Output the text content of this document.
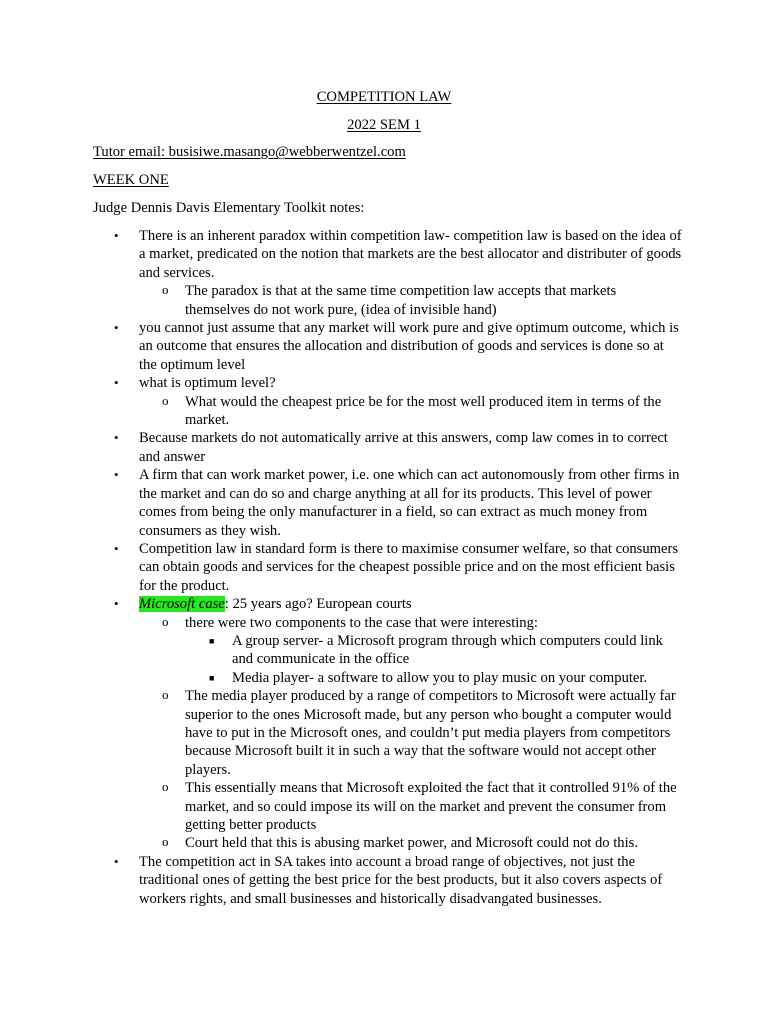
COMPETITION LAW
2022 SEM 1
Tutor email: busisiwe.masango@webberwentzel.com
WEEK ONE
Judge Dennis Davis Elementary Toolkit notes:
• There is an inherent paradox within competition law- competition law is based on the idea of a market, predicated on the notion that markets are the best allocator and distributer of goods and services.
o The paradox is that at the same time competition law accepts that markets themselves do not work pure, (idea of invisible hand)
• you cannot just assume that any market will work pure and give optimum outcome, which is an outcome that ensures the allocation and distribution of goods and services is done so at the optimum level
• what is optimum level?
o What would the cheapest price be for the most well produced item in terms of the market.
• Because markets do not automatically arrive at this answers, comp law comes in to correct and answer
• A firm that can work market power, i.e. one which can act autonomously from other firms in the market and can do so and charge anything at all for its products. This level of power comes from being the only manufacturer in a field, so can extract as much money from consumers as they wish.
• Competition law in standard form is there to maximise consumer welfare, so that consumers can obtain goods and services for the cheapest possible price and on the most efficient basis for the product.
• Microsoft case: 25 years ago? European courts
o there were two components to the case that were interesting:
■ A group server- a Microsoft program through which computers could link and communicate in the office
■ Media player- a software to allow you to play music on your computer.
o The media player produced by a range of competitors to Microsoft were actually far superior to the ones Microsoft made, but any person who bought a computer would have to put in the Microsoft ones, and couldn’t put media players from competitors because Microsoft built it in such a way that the software would not accept other players.
o This essentially means that Microsoft exploited the fact that it controlled 91% of the market, and so could impose its will on the market and prevent the consumer from getting better products
o Court held that this is abusing market power, and Microsoft could not do this.
• The competition act in SA takes into account a broad range of objectives, not just the traditional ones of getting the best price for the best products, but it also covers aspects of workers rights, and small businesses and historically disadvangated businesses.
